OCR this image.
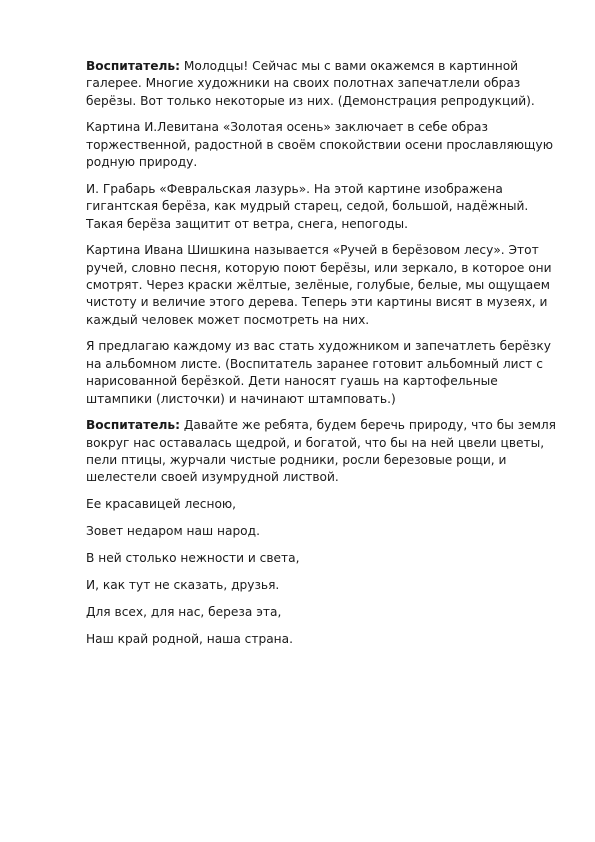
Воспитатель: Молодцы! Сейчас мы с вами окажемся в картинной галерее. Многие художники на своих полотнах запечатлели образ берёзы. Вот только некоторые из них. (Демонстрация репродукций).

Картина И.Левитана «Золотая осень» заключает в себе образ торжественной, радостной в своём спокойствии осени прославляющую родную природу.

И. Грабарь «Февральская лазурь». На этой картине изображена гигантская берёза, как мудрый старец, седой, большой, надёжный. Такая берёза защитит от ветра, снега, непогоды.

Картина Ивана Шишкина называется «Ручей в берёзовом лесу». Этот ручей, словно песня, которую поют берёзы, или зеркало, в которое они смотрят. Через краски жёлтые, зелёные, голубые, белые, мы ощущаем чистоту и величие этого дерева. Теперь эти картины висят в музеях, и каждый человек может посмотреть на них.

Я предлагаю каждому из вас стать художником и запечатлеть берёзку на альбомном листе. (Воспитатель заранее готовит альбомный лист с нарисованной берёзкой. Дети наносят гуашь на картофельные штампики (листочки) и начинают штамповать.)

Воспитатель: Давайте же ребята, будем беречь природу, что бы земля вокруг нас оставалась щедрой, и богатой, что бы на ней цвели цветы, пели птицы, журчали чистые родники, росли березовые рощи, и шелестели своей изумрудной листвой.

Ее красавицей лесною,

Зовет недаром наш народ.

В ней столько нежности и света,

И, как тут не сказать, друзья.

Для всех, для нас, береза эта,

Наш край родной, наша страна.
